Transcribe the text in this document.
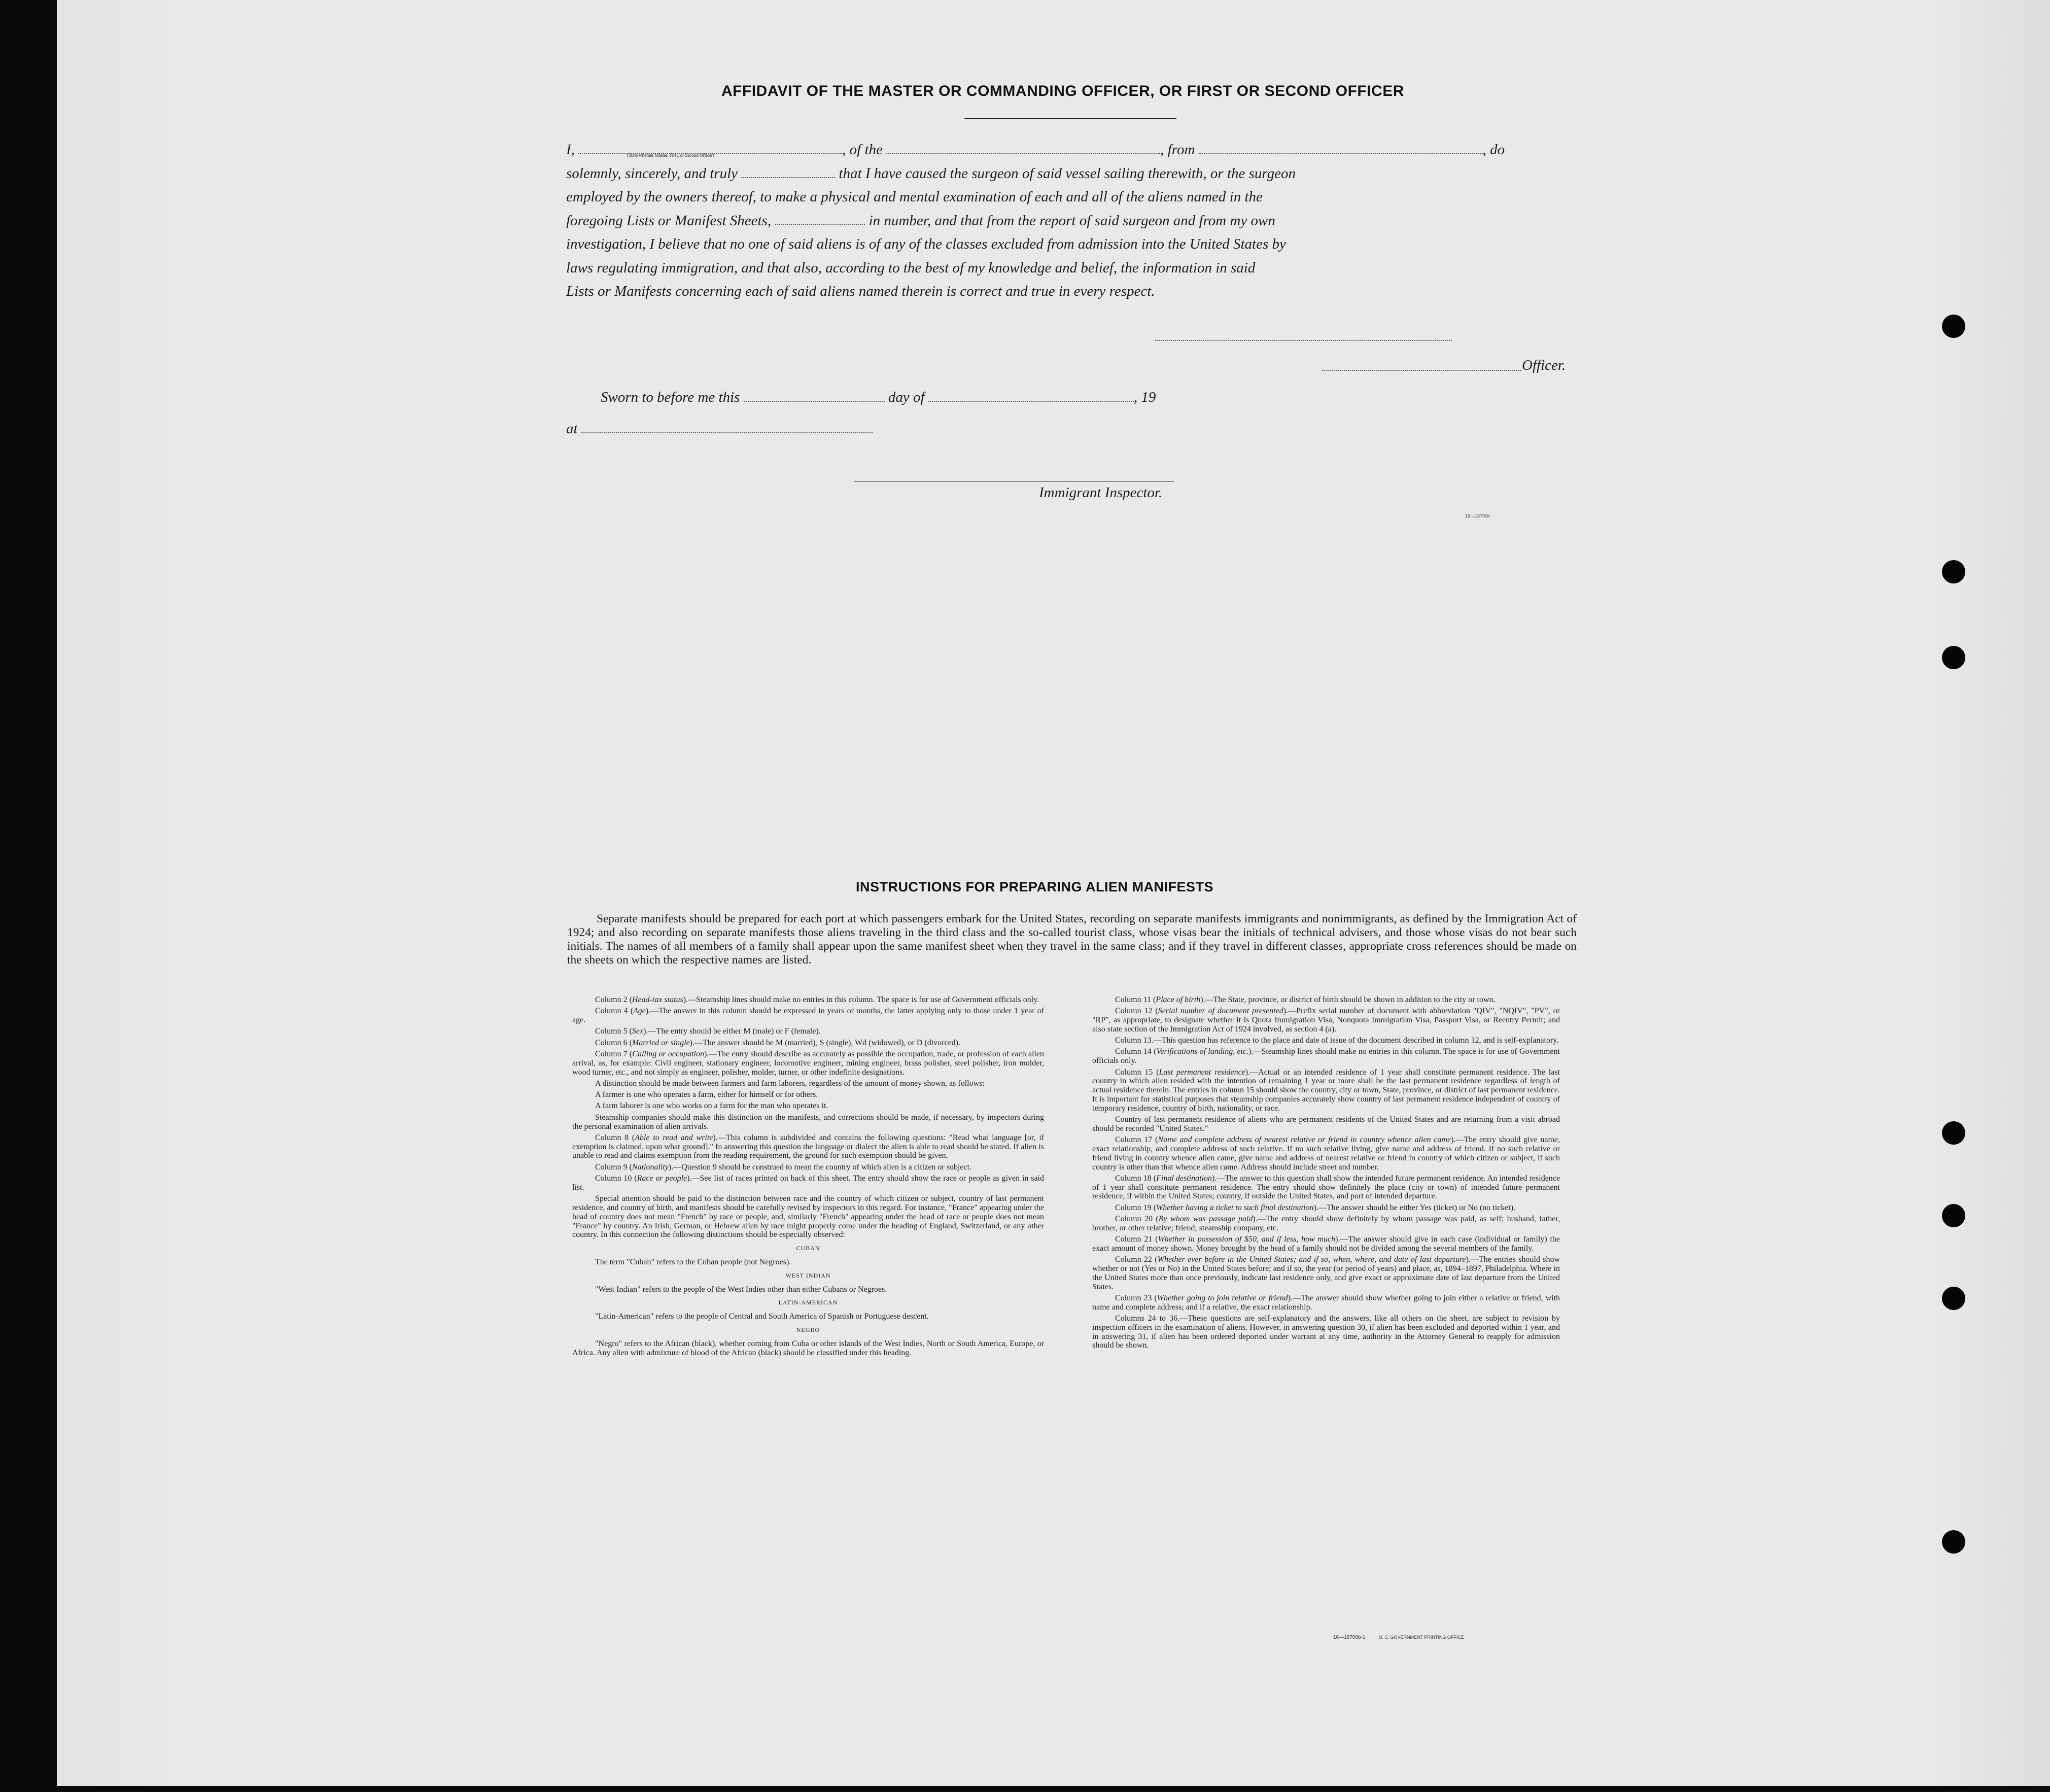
AFFIDAVIT OF THE MASTER OR COMMANDING OFFICER, OR FIRST OR SECOND OFFICER
I,	, of the	, from	, do
(State whether Master, First, or Second Officer)
solemnly, sincerely, and truly	that I have caused the surgeon of said vessel sailing therewith, or the surgeon
employed by the owners thereof, to make a physical and mental examination of each and all of the aliens named in the
foregoing Lists or Manifest Sheets,	in number, and that from the report of said surgeon and from my own
investigation, I believe that no one of said aliens is of any of the classes excluded from admission into the United States by
laws regulating immigration, and that also, according to the best of my knowledge and belief, the information in said
Lists or Manifests concerning each of said aliens named therein is correct and true in every respect.
Officer.
Sworn to before me this	day of	, 19
at
Immigrant Inspector.
16—18700b
INSTRUCTIONS FOR PREPARING ALIEN MANIFESTS
Separate manifests should be prepared for each port at which passengers embark for the United States, recording on separate manifests immigrants and nonimmigrants, as defined by the Immigration Act of 1924; and also recording on separate manifests those aliens traveling in the third class and the so-called tourist class, whose visas bear the initials of technical advisers, and those whose visas do not bear such initials. The names of all members of a family shall appear upon the same manifest sheet when they travel in the same class; and if they travel in different classes, appropriate cross references should be made on the sheets on which the respective names are listed.

Column 2 (Head-tax status).—Steamship lines should make no entries in this column. The space is for use of Government officials only.

Column 4 (Age).—The answer in this column should be expressed in years or months, the latter applying only to those under 1 year of age.

Column 5 (Sex).—The entry should be either M (male) or F (female).

Column 6 (Married or single).—The answer should be M (married), S (single), Wd (widowed), or D (divorced).

Column 7 (Calling or occupation).—The entry should describe as accurately as possible the occupation, trade, or profession of each alien arrival, as, for example: Civil engineer, stationary engineer, locomotive engineer, mining engineer, brass polisher, steel polisher, iron molder, wood turner, etc., and not simply as engineer, polisher, molder, turner, or other indefinite designations.

A distinction should be made between farmers and farm laborers, regardless of the amount of money shown, as follows:

A farmer is one who operates a farm, either for himself or for others.

A farm laborer is one who works on a farm for the man who operates it.

Steamship companies should make this distinction on the manifests, and corrections should be made, if necessary, by inspectors during the personal examination of alien arrivals.

Column 8 (Able to read and write).—This column is subdivided and contains the following questions: "Read what language [or, if exemption is claimed, upon what ground]." In answering this question the language or dialect the alien is able to read should be stated. If alien is unable to read and claims exemption from the reading requirement, the ground for such exemption should be given.

Column 9 (Nationality).—Question 9 should be construed to mean the country of which alien is a citizen or subject.

Column 10 (Race or people).—See list of races printed on back of this sheet. The entry should show the race or people as given in said list.

Special attention should be paid to the distinction between race and the country of which citizen or subject, country of last permanent residence, and country of birth, and manifests should be carefully revised by inspectors in this regard. For instance, "France" appearing under the head of country does not mean "French" by race or people, and, similarly "French" appearing under the head of race or people does not mean "France" by country. An Irish, German, or Hebrew alien by race might properly come under the heading of England, Switzerland, or any other country. In this connection the following distinctions should be especially observed:

CUBAN

The term "Cuban" refers to the Cuban people (not Negroes).

WEST INDIAN

"West Indian" refers to the people of the West Indies other than either Cubans or Negroes.

LATIN-AMERICAN

"Latin-American" refers to the people of Central and South America of Spanish or Portuguese descent.

NEGRO

"Negro" refers to the African (black), whether coming from Cuba or other islands of the West Indies, North or South America, Europe, or Africa. Any alien with admixture of blood of the African (black) should be classified under this heading.

Column 11 (Place of birth).—The State, province, or district of birth should be shown in addition to the city or town.

Column 12 (Serial number of document presented).—Prefix serial number of document with abbreviation "QIV", "NQIV", "PV", or "RP", as appropriate, to designate whether it is Quota Immigration Visa, Nonquota Immigration Visa, Passport Visa, or Reentry Permit; and also state section of the Immigration Act of 1924 involved, as section 4 (a).

Column 13.—This question has reference to the place and date of issue of the document described in column 12, and is self-explanatory.

Column 14 (Verifications of landing, etc.).—Steamship lines should make no entries in this column. The space is for use of Government officials only.

Column 15 (Last permanent residence).—Actual or an intended residence of 1 year shall constitute permanent residence. The last country in which alien resided with the intention of remaining 1 year or more shall be the last permanent residence regardless of length of actual residence therein. The entries in column 15 should show the country, city or town, State, province, or district of last permanent residence. It is important for statistical purposes that steamship companies accurately show country of last permanent residence independent of country of temporary residence, country of birth, nationality, or race.

Country of last permanent residence of aliens who are permanent residents of the United States and are returning from a visit abroad should be recorded "United States."

Column 17 (Name and complete address of nearest relative or friend in country whence alien came).—The entry should give name, exact relationship, and complete address of such relative. If no such relative living, give name and address of friend. If no such relative or friend living in country whence alien came, give name and address of nearest relative or friend in country of which citizen or subject, if such country is other than that whence alien came. Address should include street and number.

Column 18 (Final destination).—The answer to this question shall show the intended future permanent residence. An intended residence of 1 year shall constitute permanent residence. The entry should show definitely the place (city or town) of intended future permanent residence, if within the United States; country, if outside the United States, and port of intended departure.

Column 19 (Whether having a ticket to such final destination).—The answer should be either Yes (ticket) or No (no ticket).

Column 20 (By whom was passage paid).—The entry should show definitely by whom passage was paid, as self; husband, father, brother, or other relative; friend; steamship company, etc.

Column 21 (Whether in possession of $50, and if less, how much).—The answer should give in each case (individual or family) the exact amount of money shown. Money brought by the head of a family should not be divided among the several members of the family.

Column 22 (Whether ever before in the United States; and if so, when, where, and date of last departure).—The entries should show whether or not (Yes or No) in the United States before; and if so, the year (or period of years) and place, as, 1894–1897, Philadelphia. Where in the United States more than once previously, indicate last residence only, and give exact or approximate date of last departure from the United States.

Column 23 (Whether going to join relative or friend).—The answer should show whether going to join either a relative or friend, with name and complete address; and if a relative, the exact relationship.

Columns 24 to 36.—These questions are self-explanatory and the answers, like all others on the sheet, are subject to revision by inspection officers in the examination of aliens. However, in answering question 30, if alien has been excluded and deported within 1 year, and in answering 31, if alien has been ordered deported under warrant at any time, authority in the Attorney General to reapply for admission should be shown.

16—18700b-1	U. S. GOVERNMENT PRINTING OFFICE
